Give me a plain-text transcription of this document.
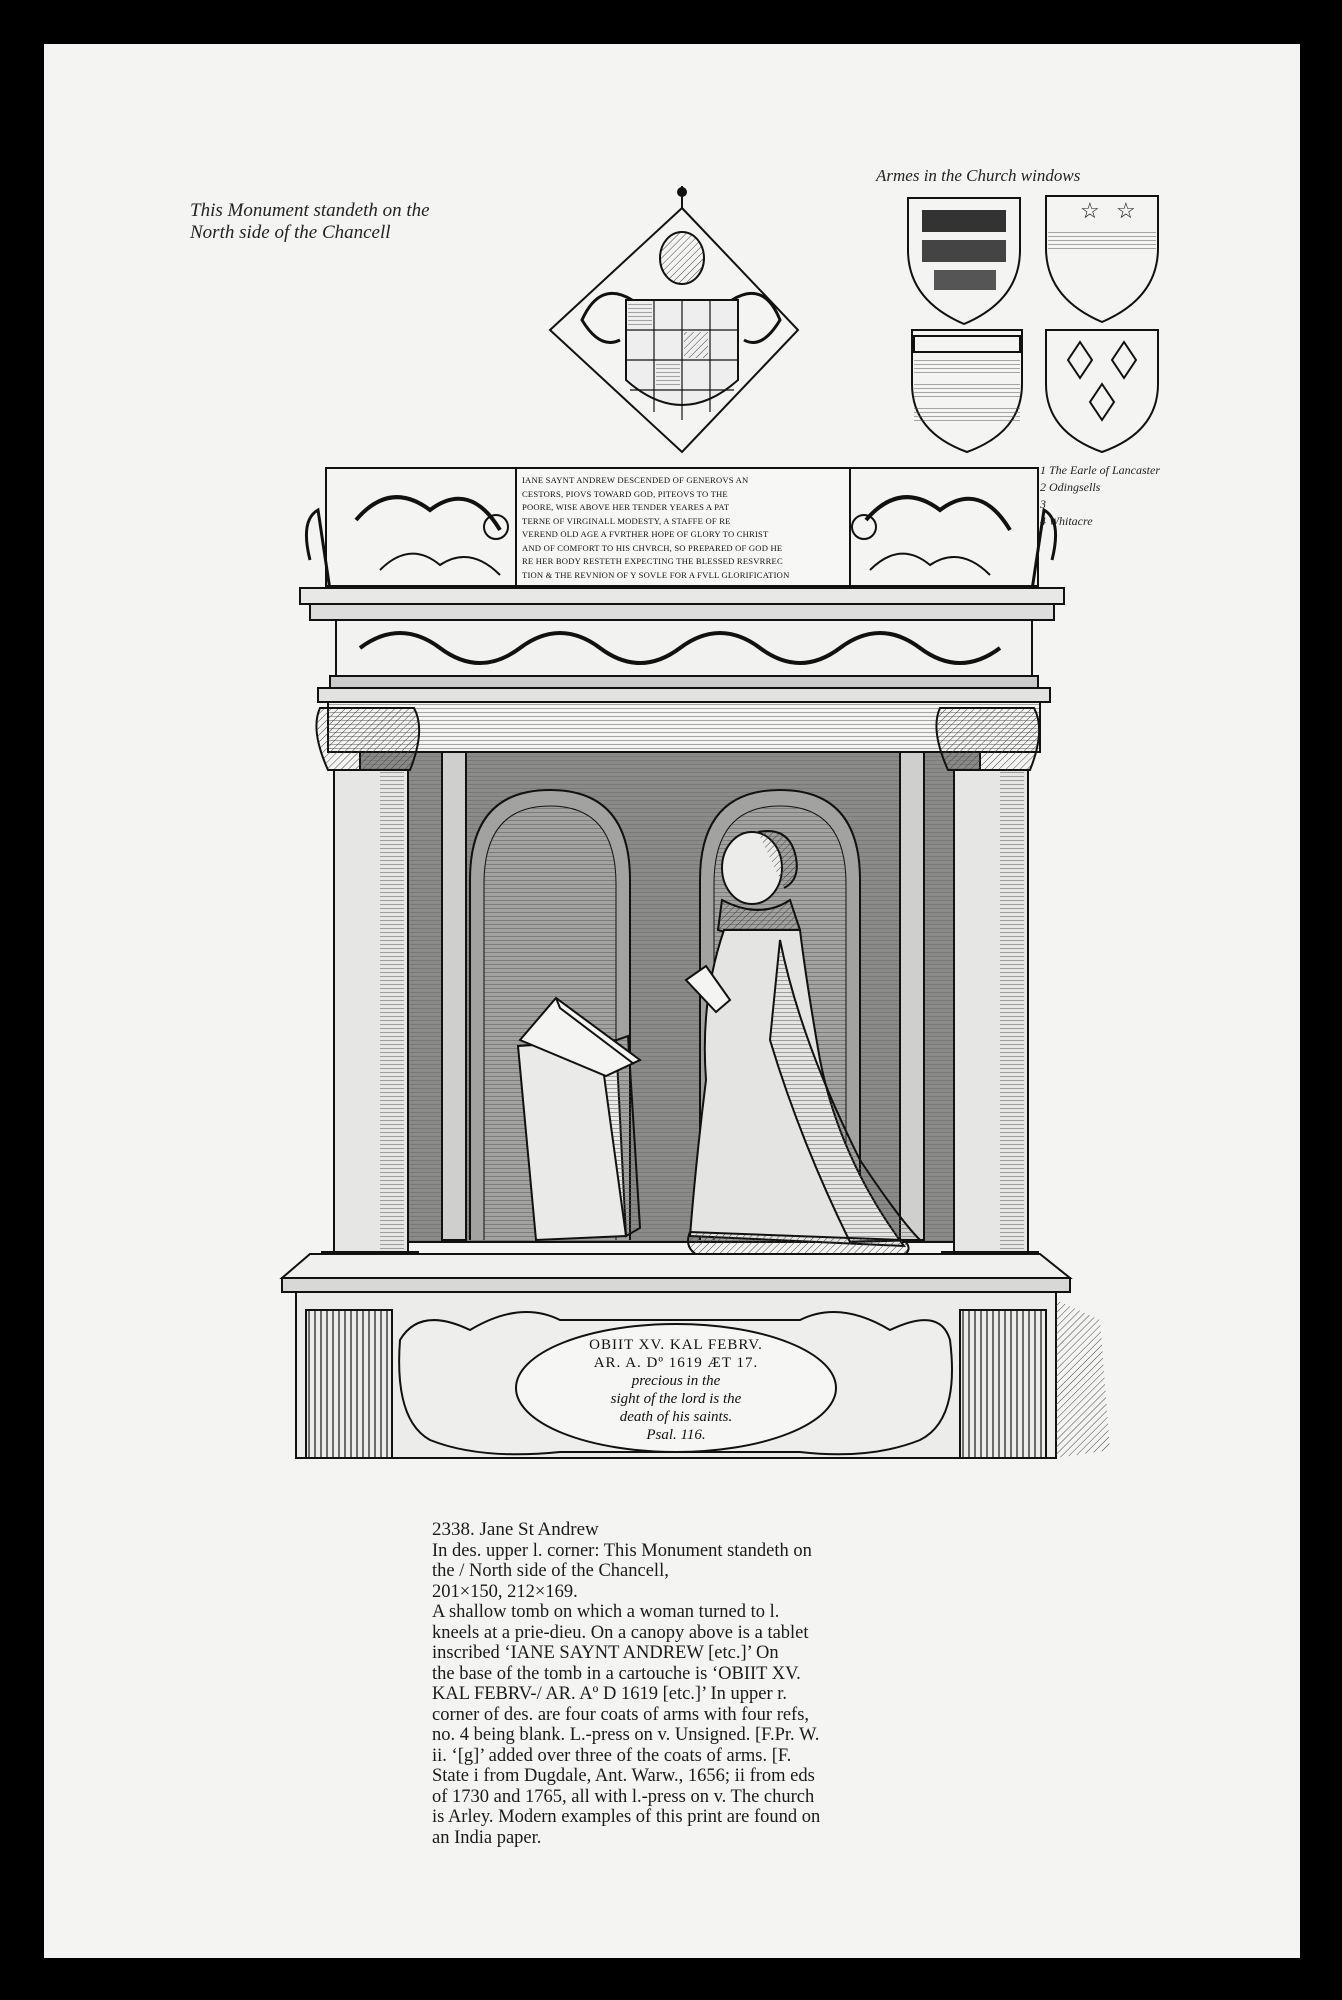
☆ ☆
This Monument standeth on the
North side of the Chancell
Armes in the Church windows
1 The Earle of Lancaster
2 Odingsells
3
4 Whitacre
IANE SAYNT ANDREW DESCENDED OF GENEROVS AN
CESTORS, PIOVS TOWARD GOD, PITEOVS TO THE
POORE, WISE ABOVE HER TENDER YEARES A PAT
TERNE OF VIRGINALL MODESTY, A STAFFE OF RE
VEREND OLD AGE A FVRTHER HOPE OF GLORY TO CHRIST
AND OF COMFORT TO HIS CHVRCH, SO PREPARED OF GOD HE
RE HER BODY RESTETH EXPECTING THE BLESSED RESVRREC
TION & THE REVNION OF Y SOVLE FOR A FVLL GLORIFICATION
OBIIT XV. KAL FEBRV.
AR. A. Dº 1619 ÆT 17.
precious in the
sight of the lord is the
death of his saints.
Psal. 116.
2338. Jane St Andrew
In des. upper l. corner: This Monument standeth on
the / North side of the Chancell,
201×150, 212×169.
A shallow tomb on which a woman turned to l.
kneels at a prie-dieu. On a canopy above is a tablet
inscribed ‘IANE SAYNT ANDREW [etc.]’ On
the base of the tomb in a cartouche is ‘OBIIT XV.
KAL FEBRV-/ AR. Aº D 1619 [etc.]’ In upper r.
corner of des. are four coats of arms with four refs,
no. 4 being blank. L.-press on v. Unsigned. [F.Pr. W.
ii. ‘[g]’ added over three of the coats of arms. [F.
State i from Dugdale, Ant. Warw., 1656; ii from eds
of 1730 and 1765, all with l.-press on v. The church
is Arley. Modern examples of this print are found on
an India paper.
